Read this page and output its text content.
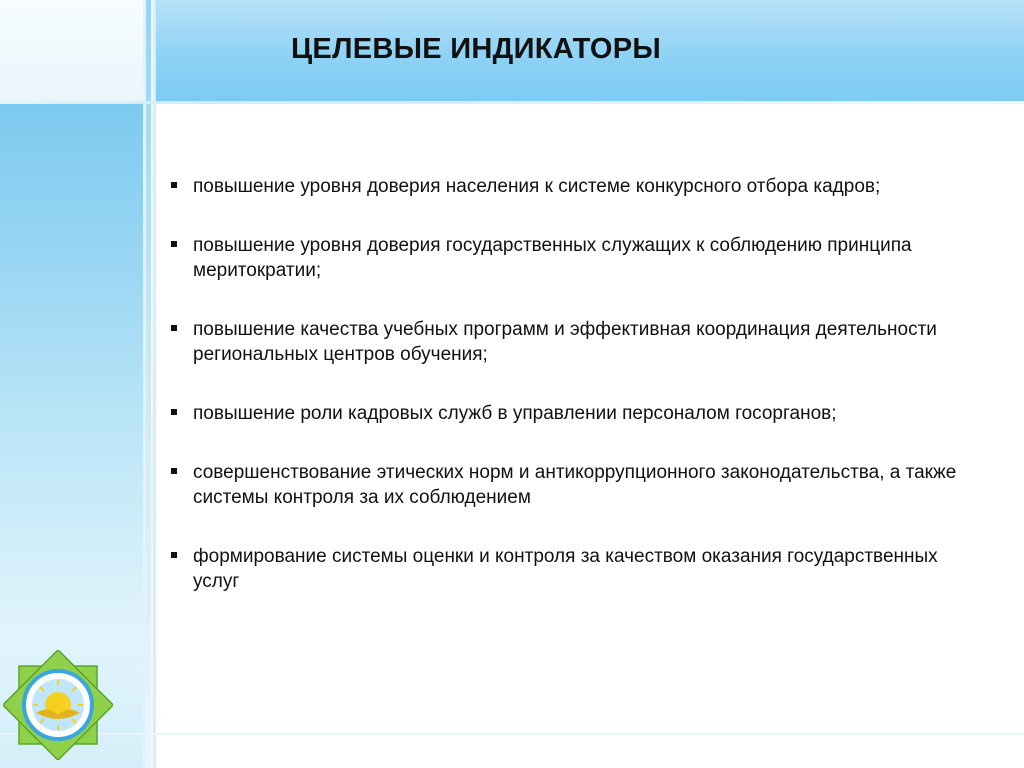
ЦЕЛЕВЫЕ ИНДИКАТОРЫ
повышение уровня доверия населения к системе конкурсного отбора кадров;
повышение уровня доверия государственных служащих к соблюдению принципа меритократии;
повышение качества учебных программ и эффективная координация деятельности региональных центров обучения;
повышение роли кадровых служб в управлении персоналом госорганов;
совершенствование этических норм и антикоррупционного законодательства, а также системы контроля за их соблюдением
формирование системы оценки и контроля за качеством оказания государственных услуг
